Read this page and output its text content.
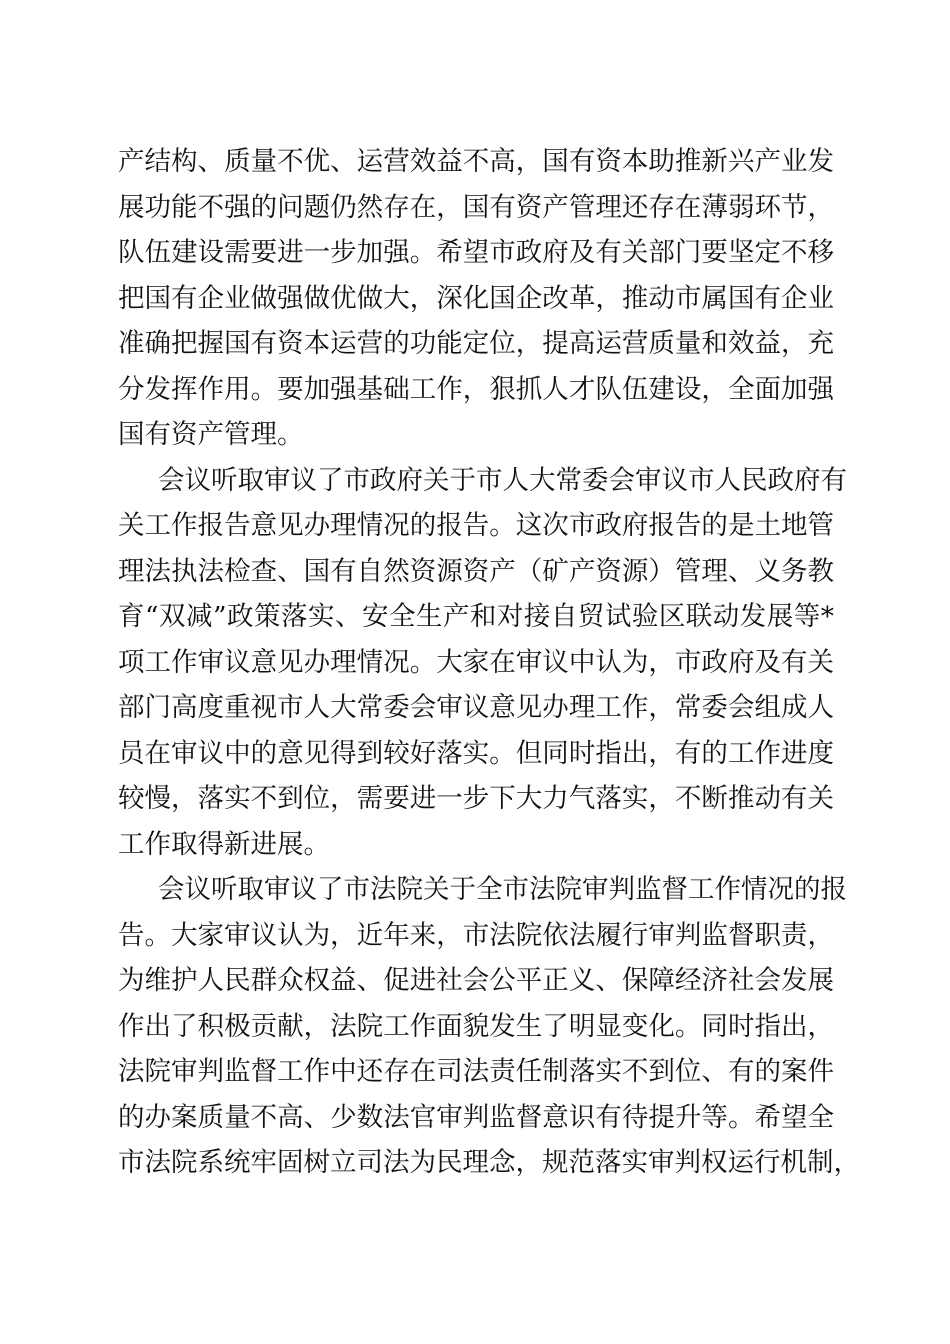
产结构、质量不优、运营效益不高，国有资本助推新兴产业发
展功能不强的问题仍然存在，国有资产管理还存在薄弱环节，
队伍建设需要进一步加强。希望市政府及有关部门要坚定不移
把国有企业做强做优做大，深化国企改革，推动市属国有企业
准确把握国有资本运营的功能定位，提高运营质量和效益，充
分发挥作用。要加强基础工作，狠抓人才队伍建设，全面加强
国有资产管理。
会议听取审议了市政府关于市人大常委会审议市人民政府有
关工作报告意见办理情况的报告。这次市政府报告的是土地管
理法执法检查、国有自然资源资产（矿产资源）管理、义务教
育“双减”政策落实、安全生产和对接自贸试验区联动发展等*
项工作审议意见办理情况。大家在审议中认为，市政府及有关
部门高度重视市人大常委会审议意见办理工作，常委会组成人
员在审议中的意见得到较好落实。但同时指出，有的工作进度
较慢，落实不到位，需要进一步下大力气落实，不断推动有关
工作取得新进展。
会议听取审议了市法院关于全市法院审判监督工作情况的报
告。大家审议认为，近年来，市法院依法履行审判监督职责，
为维护人民群众权益、促进社会公平正义、保障经济社会发展
作出了积极贡献，法院工作面貌发生了明显变化。同时指出，
法院审判监督工作中还存在司法责任制落实不到位、有的案件
的办案质量不高、少数法官审判监督意识有待提升等。希望全
市法院系统牢固树立司法为民理念，规范落实审判权运行机制，
